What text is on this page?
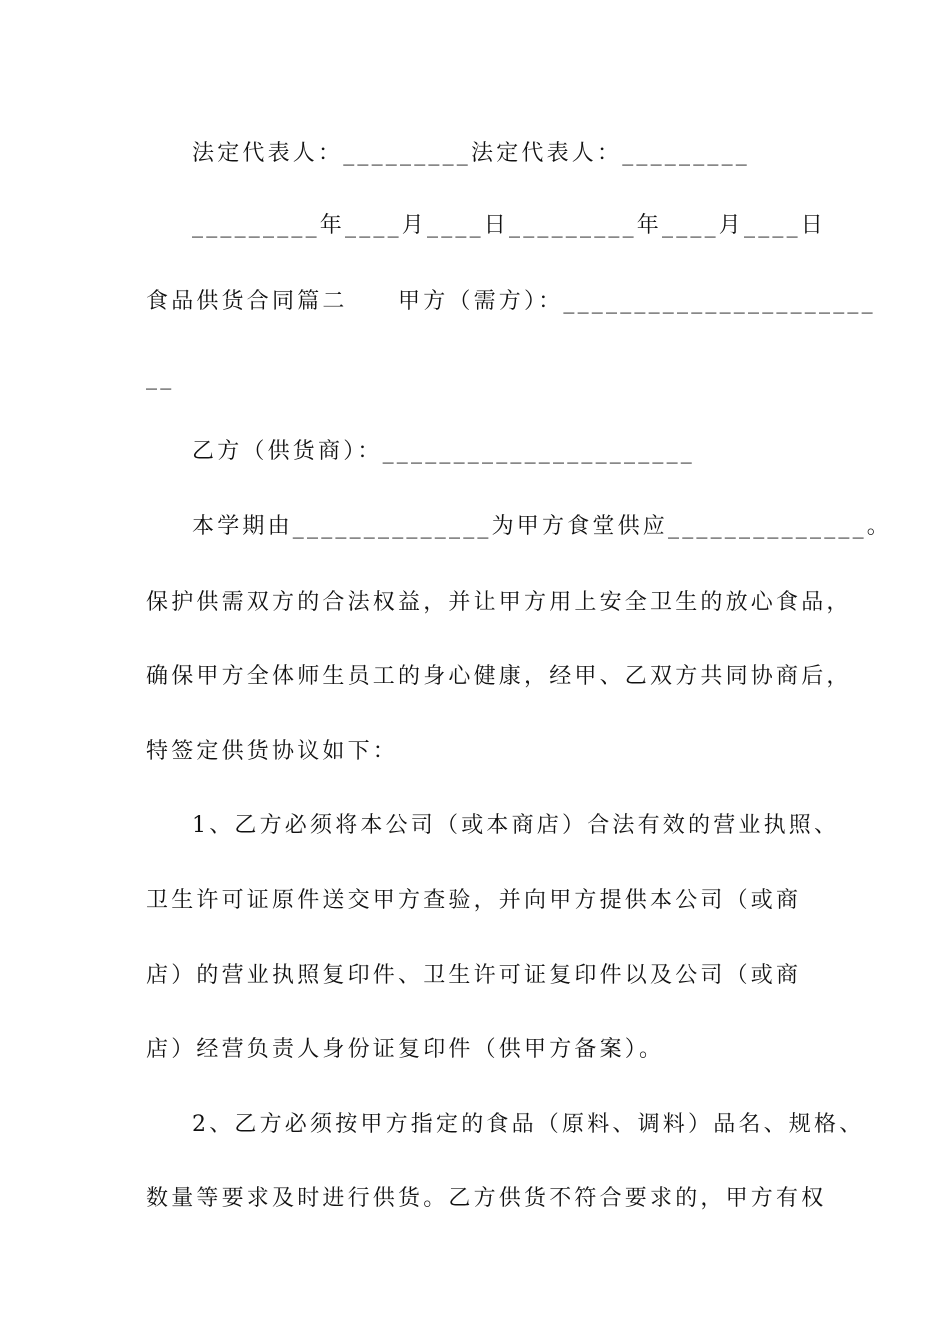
法定代表人：_________法定代表人：_________
_________年____月____日_________年____月____日
食品供货合同篇二　　甲方（需方）：______________________
__
乙方（供货商）：______________________
本学期由______________为甲方食堂供应______________。
保护供需双方的合法权益，并让甲方用上安全卫生的放心食品，
确保甲方全体师生员工的身心健康，经甲、乙双方共同协商后，
特签定供货协议如下：
1、乙方必须将本公司（或本商店）合法有效的营业执照、
卫生许可证原件送交甲方查验，并向甲方提供本公司（或商
店）的营业执照复印件、卫生许可证复印件以及公司（或商
店）经营负责人身份证复印件（供甲方备案）。
2、乙方必须按甲方指定的食品（原料、调料）品名、规格、
数量等要求及时进行供货。乙方供货不符合要求的，甲方有权
